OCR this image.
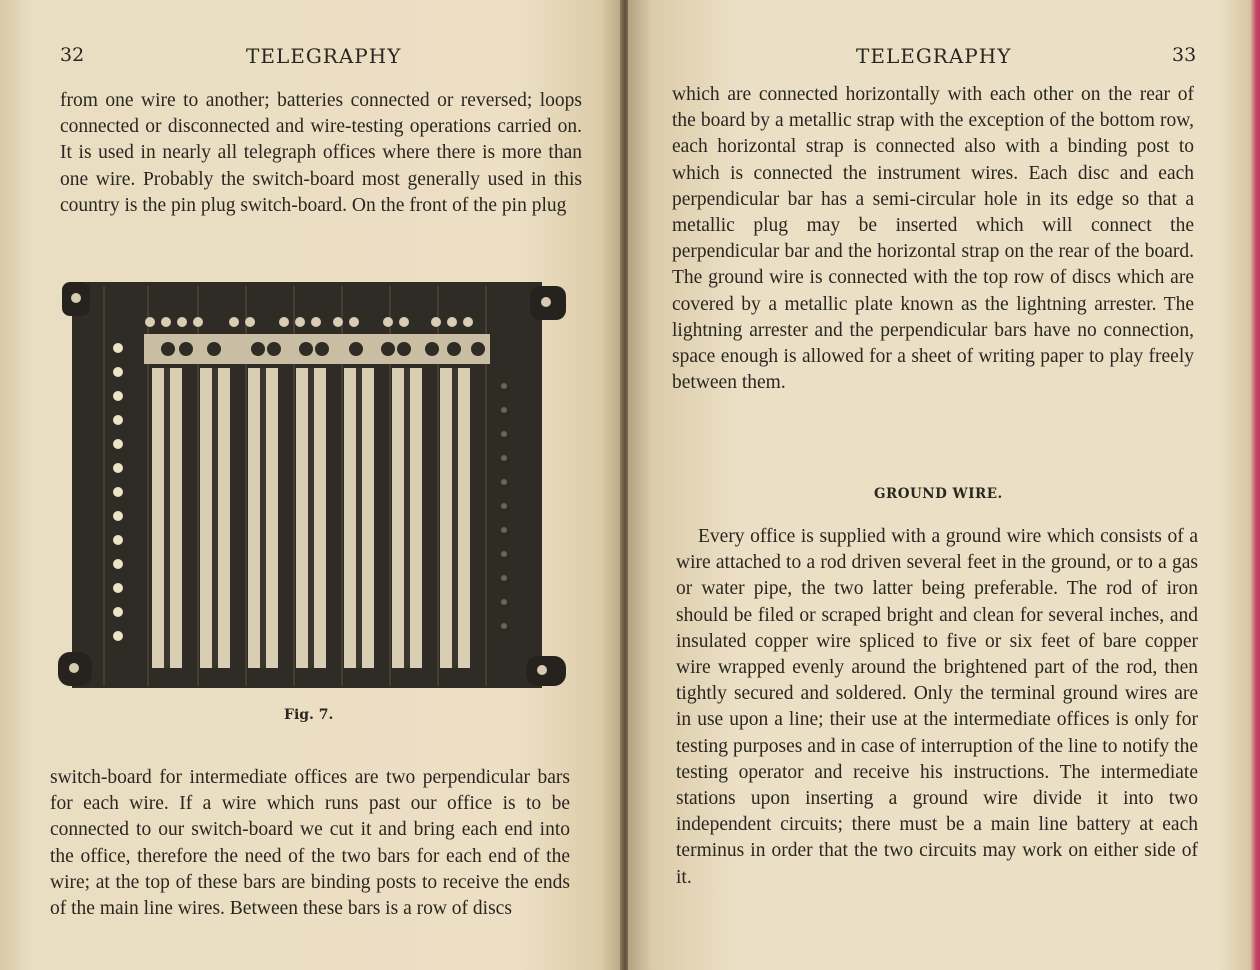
32	TELEGRAPHY

from one wire to another; batteries connected or reversed; loops connected or disconnected and wire-testing operations carried on. It is used in nearly all telegraph offices where there is more than one wire. Probably the switch-board most generally used in this country is the pin plug switch-board. On the front of the pin plug

Fig. 7.

switch-board for intermediate offices are two perpendicular bars for each wire. If a wire which runs past our office is to be connected to our switch-board we cut it and bring each end into the office, therefore the need of the two bars for each end of the wire; at the top of these bars are binding posts to receive the ends of the main line wires. Between these bars is a row of discs

TELEGRAPHY	33

which are connected horizontally with each other on the rear of the board by a metallic strap with the exception of the bottom row, each horizontal strap is connected also with a binding post to which is connected the instrument wires. Each disc and each perpendicular bar has a semi-circular hole in its edge so that a metallic plug may be inserted which will connect the perpendicular bar and the horizontal strap on the rear of the board. The ground wire is connected with the top row of discs which are covered by a metallic plate known as the lightning arrester. The lightning arrester and the perpendicular bars have no connection, space enough is allowed for a sheet of writing paper to play freely between them.

GROUND WIRE.

Every office is supplied with a ground wire which consists of a wire attached to a rod driven several feet in the ground, or to a gas or water pipe, the two latter being preferable. The rod of iron should be filed or scraped bright and clean for several inches, and insulated copper wire spliced to five or six feet of bare copper wire wrapped evenly around the brightened part of the rod, then tightly secured and soldered. Only the terminal ground wires are in use upon a line; their use at the intermediate offices is only for testing purposes and in case of interruption of the line to notify the testing operator and receive his instructions. The intermediate stations upon inserting a ground wire divide it into two independent circuits; there must be a main line battery at each terminus in order that the two circuits may work on either side of it.
